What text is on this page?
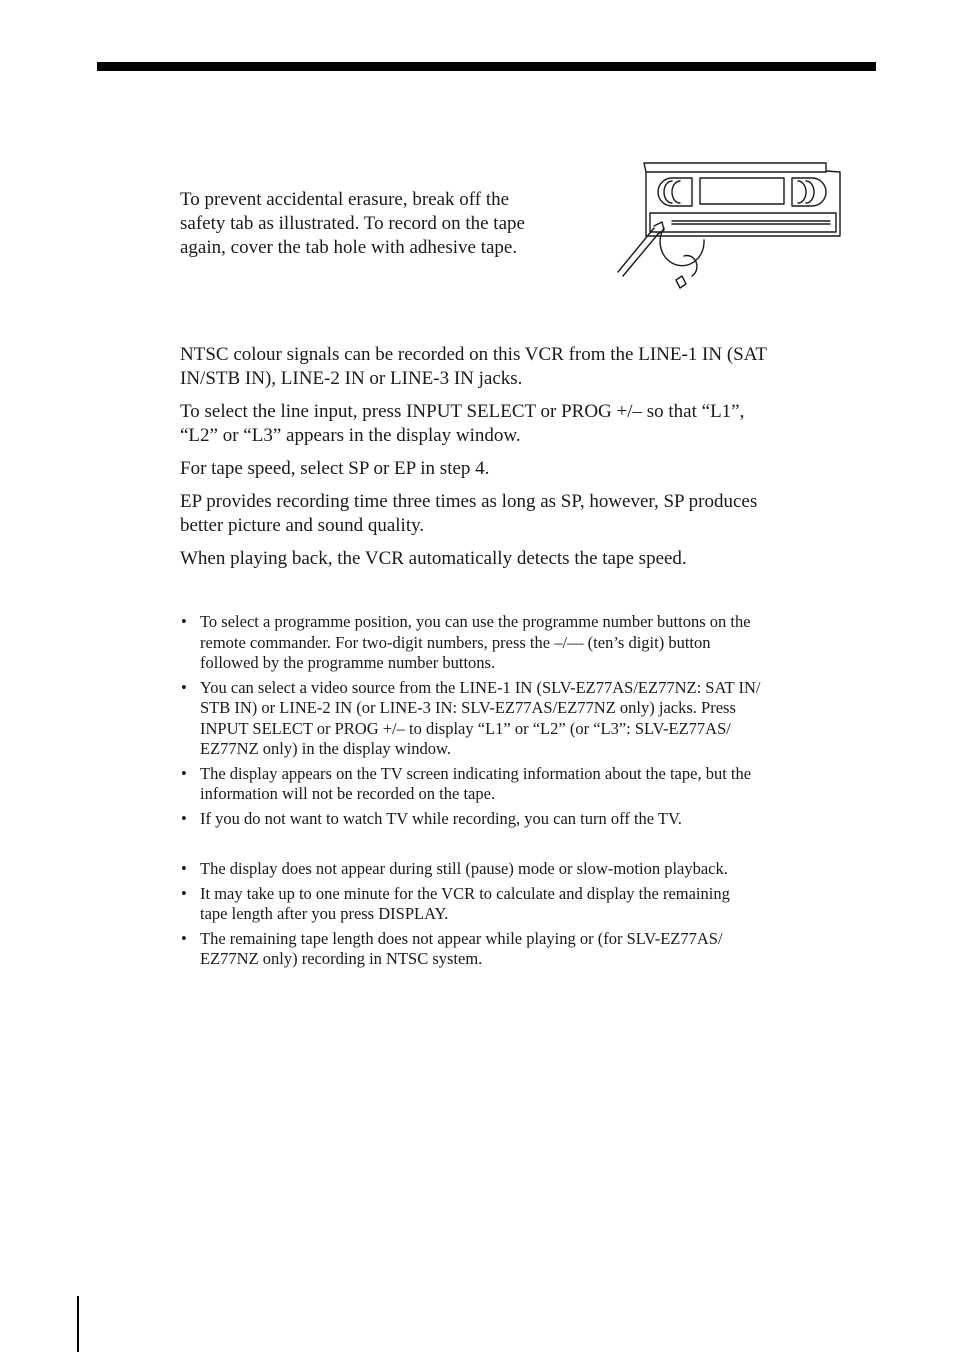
To prevent accidental erasure, break off the
safety tab as illustrated. To record on the tape
again, cover the tab hole with adhesive tape.

NTSC colour signals can be recorded on this VCR from the LINE-1 IN (SAT
IN/STB IN), LINE-2 IN or LINE-3 IN jacks.

To select the line input, press INPUT SELECT or PROG +/– so that “L1”,
“L2” or “L3” appears in the display window.

For tape speed, select SP or EP in step 4.

EP provides recording time three times as long as SP, however, SP produces
better picture and sound quality.

When playing back, the VCR automatically detects the tape speed.

• To select a programme position, you can use the programme number buttons on the
remote commander. For two-digit numbers, press the –/–– (ten’s digit) button
followed by the programme number buttons.
• You can select a video source from the LINE-1 IN (SLV-EZ77AS/EZ77NZ: SAT IN/
STB IN) or LINE-2 IN (or LINE-3 IN: SLV-EZ77AS/EZ77NZ only) jacks. Press
INPUT SELECT or PROG +/– to display “L1” or “L2” (or “L3”: SLV-EZ77AS/
EZ77NZ only) in the display window.
• The display appears on the TV screen indicating information about the tape, but the
information will not be recorded on the tape.
• If you do not want to watch TV while recording, you can turn off the TV.
• The display does not appear during still (pause) mode or slow-motion playback.
• It may take up to one minute for the VCR to calculate and display the remaining
tape length after you press DISPLAY.
• The remaining tape length does not appear while playing or (for SLV-EZ77AS/
EZ77NZ only) recording in NTSC system.
